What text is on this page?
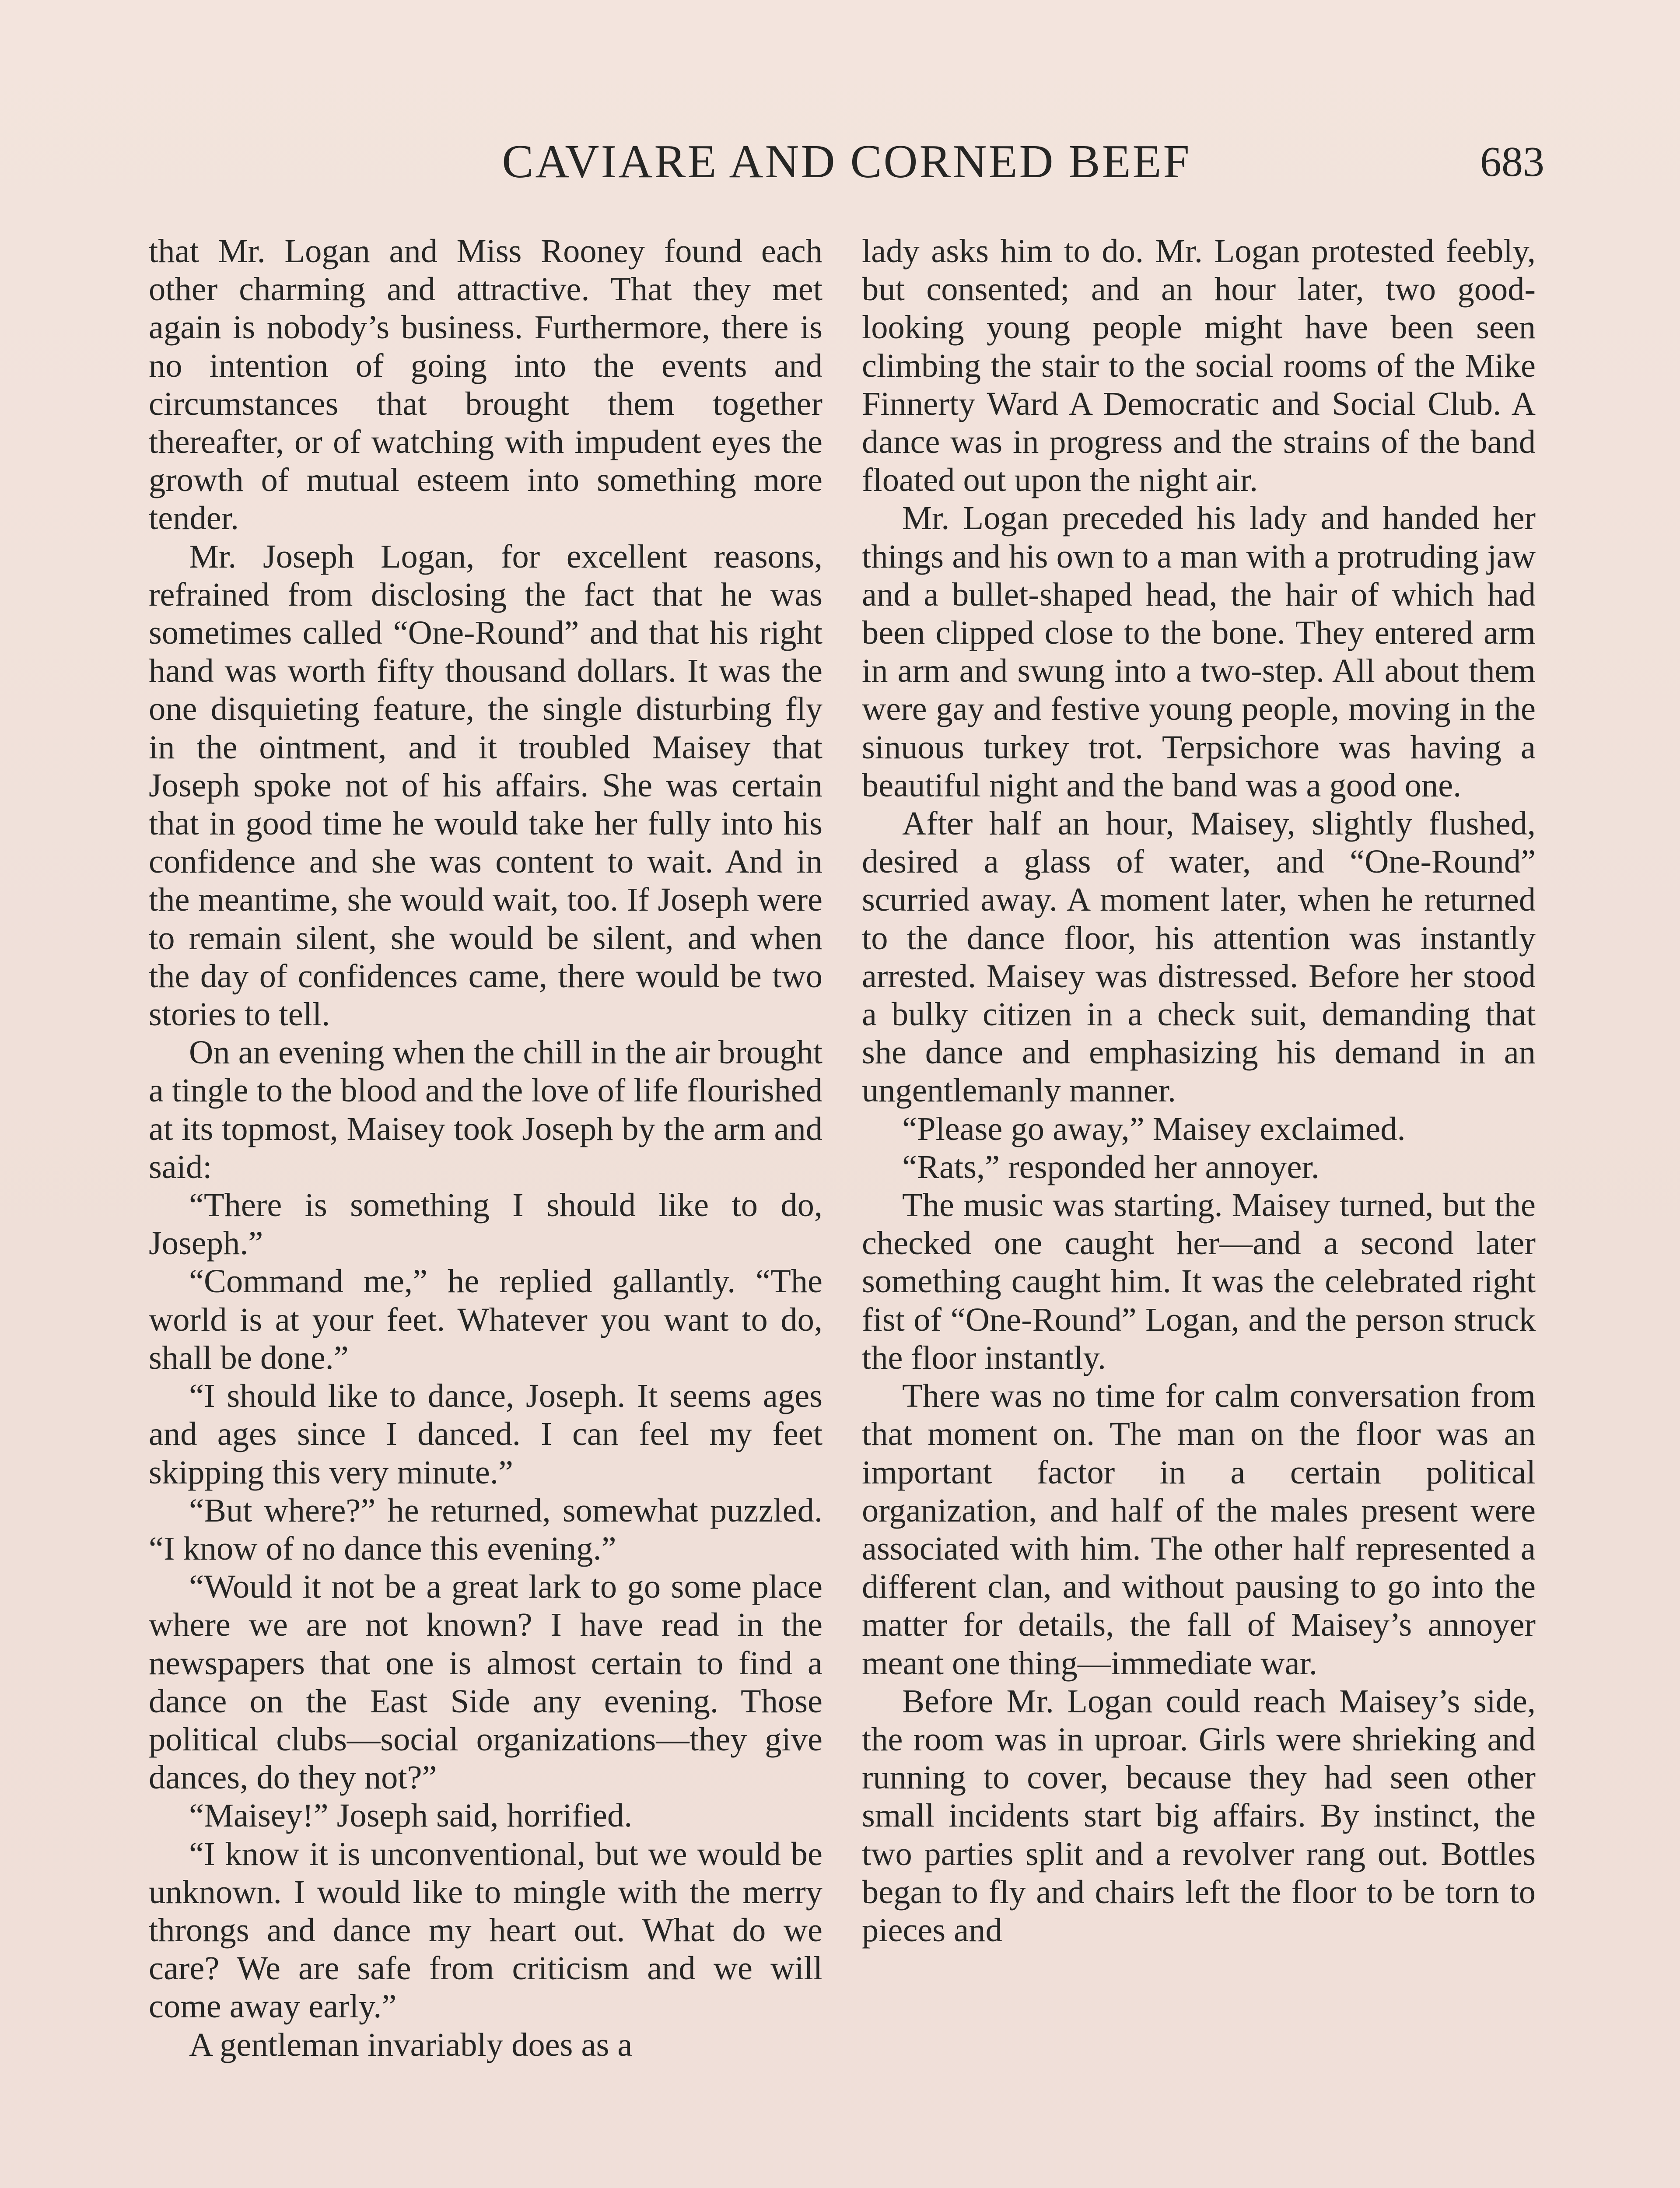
CAVIARE AND CORNED BEEF	683

that Mr. Logan and Miss Rooney found each other charming and attractive. That they met again is nobody’s business. Furthermore, there is no intention of going into the events and circumstances that brought them together thereafter, or of watching with impudent eyes the growth of mutual esteem into something more tender.

Mr. Joseph Logan, for excellent reasons, refrained from disclosing the fact that he was sometimes called “One-Round” and that his right hand was worth fifty thousand dollars. It was the one disquieting feature, the single disturbing fly in the ointment, and it troubled Maisey that Joseph spoke not of his affairs. She was certain that in good time he would take her fully into his confidence and she was content to wait. And in the meantime, she would wait, too. If Joseph were to remain silent, she would be silent, and when the day of confidences came, there would be two stories to tell.

On an evening when the chill in the air brought a tingle to the blood and the love of life flourished at its topmost, Maisey took Joseph by the arm and said:

“There is something I should like to do, Joseph.”

“Command me,” he replied gallantly. “The world is at your feet. Whatever you want to do, shall be done.”

“I should like to dance, Joseph. It seems ages and ages since I danced. I can feel my feet skipping this very minute.”

“But where?” he returned, somewhat puzzled. “I know of no dance this evening.”

“Would it not be a great lark to go some place where we are not known? I have read in the newspapers that one is almost certain to find a dance on the East Side any evening. Those political clubs—social organizations—they give dances, do they not?”

“Maisey!” Joseph said, horrified.

“I know it is unconventional, but we would be unknown. I would like to mingle with the merry throngs and dance my heart out. What do we care? We are safe from criticism and we will come away early.”

A gentleman invariably does as a

lady asks him to do. Mr. Logan protested feebly, but consented; and an hour later, two good-looking young people might have been seen climbing the stair to the social rooms of the Mike Finnerty Ward A Democratic and Social Club. A dance was in progress and the strains of the band floated out upon the night air.

Mr. Logan preceded his lady and handed her things and his own to a man with a protruding jaw and a bullet-shaped head, the hair of which had been clipped close to the bone. They entered arm in arm and swung into a two-step. All about them were gay and festive young people, moving in the sinuous turkey trot. Terpsichore was having a beautiful night and the band was a good one.

After half an hour, Maisey, slightly flushed, desired a glass of water, and “One-Round” scurried away. A moment later, when he returned to the dance floor, his attention was instantly arrested. Maisey was distressed. Before her stood a bulky citizen in a check suit, demanding that she dance and emphasizing his demand in an ungentlemanly manner.

“Please go away,” Maisey exclaimed.

“Rats,” responded her annoyer.

The music was starting. Maisey turned, but the checked one caught her—and a second later something caught him. It was the celebrated right fist of “One-Round” Logan, and the person struck the floor instantly.

There was no time for calm conversation from that moment on. The man on the floor was an important factor in a certain political organization, and half of the males present were associated with him. The other half represented a different clan, and without pausing to go into the matter for details, the fall of Maisey’s annoyer meant one thing—immediate war.

Before Mr. Logan could reach Maisey’s side, the room was in uproar. Girls were shrieking and running to cover, because they had seen other small incidents start big affairs. By instinct, the two parties split and a revolver rang out. Bottles began to fly and chairs left the floor to be torn to pieces and
